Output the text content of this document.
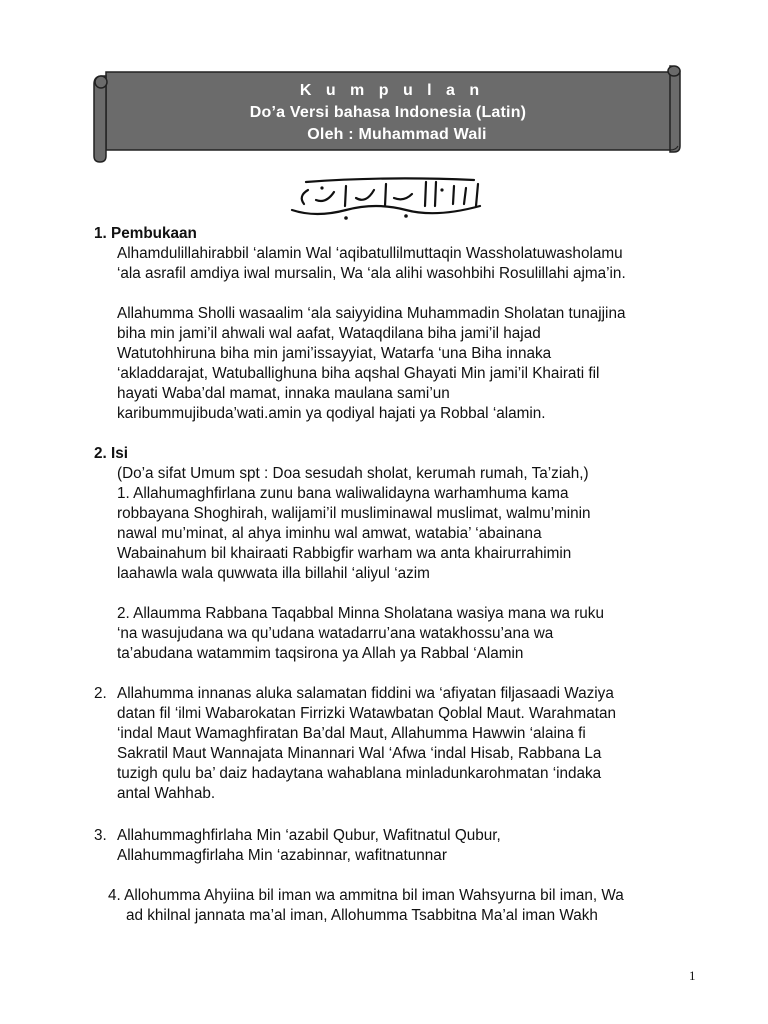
K u m p u l a n
Do’a Versi bahasa Indonesia (Latin)
Oleh : Muhammad Wali
1. Pembukaan
Alhamdulillahirabbil ‘alamin Wal ‘aqibatullilmuttaqin Wassholatuwasholamu
‘ala asrafil amdiya iwal mursalin, Wa ‘ala alihi wasohbihi Rosulillahi ajma’in.
Allahumma Sholli wasaalim ‘ala saiyyidina Muhammadin Sholatan tunajjina
biha min jami’il ahwali wal aafat, Wataqdilana biha jami’il hajad
Watutohhiruna biha min jami’issayyiat, Watarfa ‘una Biha innaka
‘akladdarajat, Watuballighuna biha aqshal Ghayati Min jami’il Khairati fil
hayati Waba’dal mamat, innaka maulana sami’un
karibummujibuda’wati.amin ya qodiyal hajati ya Robbal ‘alamin.
2. Isi
(Do’a sifat Umum spt : Doa sesudah sholat, kerumah rumah, Ta’ziah,)
1. Allahumaghfirlana zunu bana waliwalidayna warhamhuma kama
robbayana Shoghirah, walijami’il musliminawal muslimat, walmu’minin
nawal mu’minat, al ahya iminhu wal amwat, watabia’ ‘abainana
Wabainahum bil khairaati Rabbigfir warham wa anta khairurrahimin
laahawla wala quwwata illa billahil ‘aliyul ‘azim
2. Allaumma Rabbana Taqabbal Minna Sholatana wasiya mana wa ruku
‘na wasujudana wa qu’udana watadarru’ana watakhossu’ana wa
ta’abudana watammim taqsirona ya Allah ya Rabbal ‘Alamin
2. Allahumma innanas aluka salamatan fiddini wa ‘afiyatan filjasaadi Waziya
datan fil ‘ilmi Wabarokatan Firrizki Watawbatan Qoblal Maut. Warahmatan
‘indal Maut Wamaghfiratan Ba’dal Maut, Allahumma Hawwin ‘alaina fi
Sakratil Maut Wannajata Minannari Wal ‘Afwa ‘indal Hisab, Rabbana La
tuzigh qulu ba’ daiz hadaytana wahablana minladunkarohmatan ‘indaka
antal Wahhab.
3. Allahummaghfirlaha Min ‘azabil Qubur, Wafitnatul Qubur,
Allahummagfirlaha Min ‘azabinnar, wafitnatunnar
4. Allohumma Ahyiina bil iman wa ammitna bil iman Wahsyurna bil iman, Wa
ad khilnal jannata ma’al iman, Allohumma Tsabbitna Ma’al iman Wakh
1
